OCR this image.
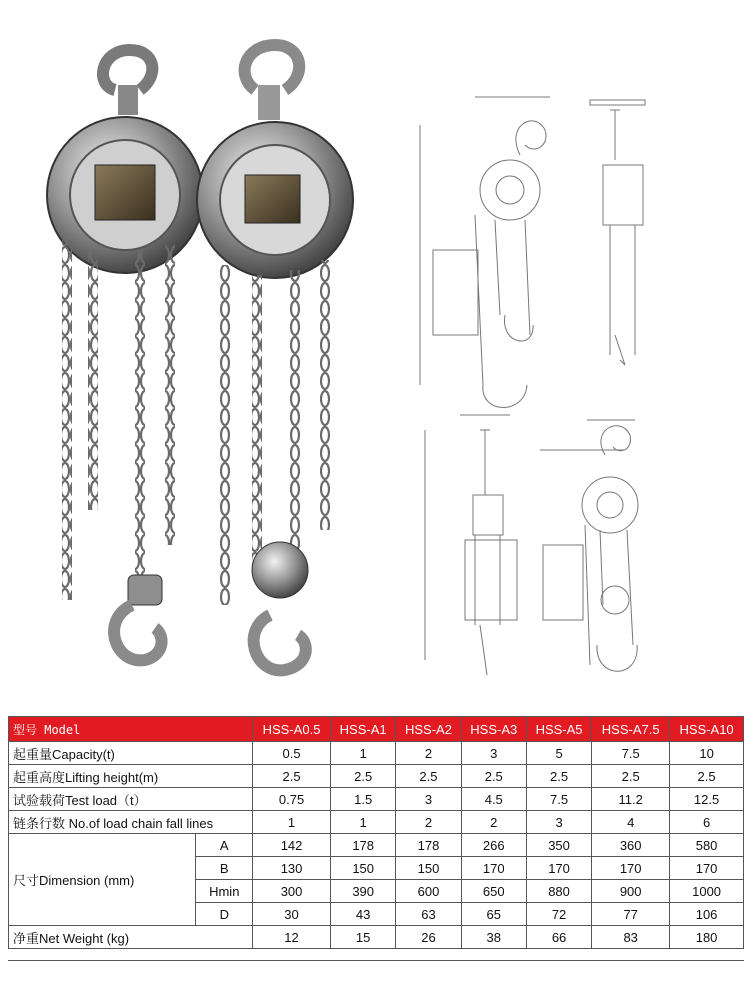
型号 Model		HSS-A0.5	HSS-A1	HSS-A2	HSS-A3	HSS-A5	HSS-A7.5	HSS-A10
起重量Capacity(t)		0.5	1	2	3	5	7.5	10
起重高度Lifting height(m)		2.5	2.5	2.5	2.5	2.5	2.5	2.5
试验载荷Test load（t）		0.75	1.5	3	4.5	7.5	11.2	12.5
链条行数 No.of load chain fall lines		1	1	2	2	3	4	6
尺寸Dimension (mm)	A	142	178	178	266	350	360	580
	B	130	150	150	170	170	170	170
	Hmin	300	390	600	650	880	900	1000
	D	30	43	63	65	72	77	106
净重Net Weight (kg)		12	15	26	38	66	83	180
